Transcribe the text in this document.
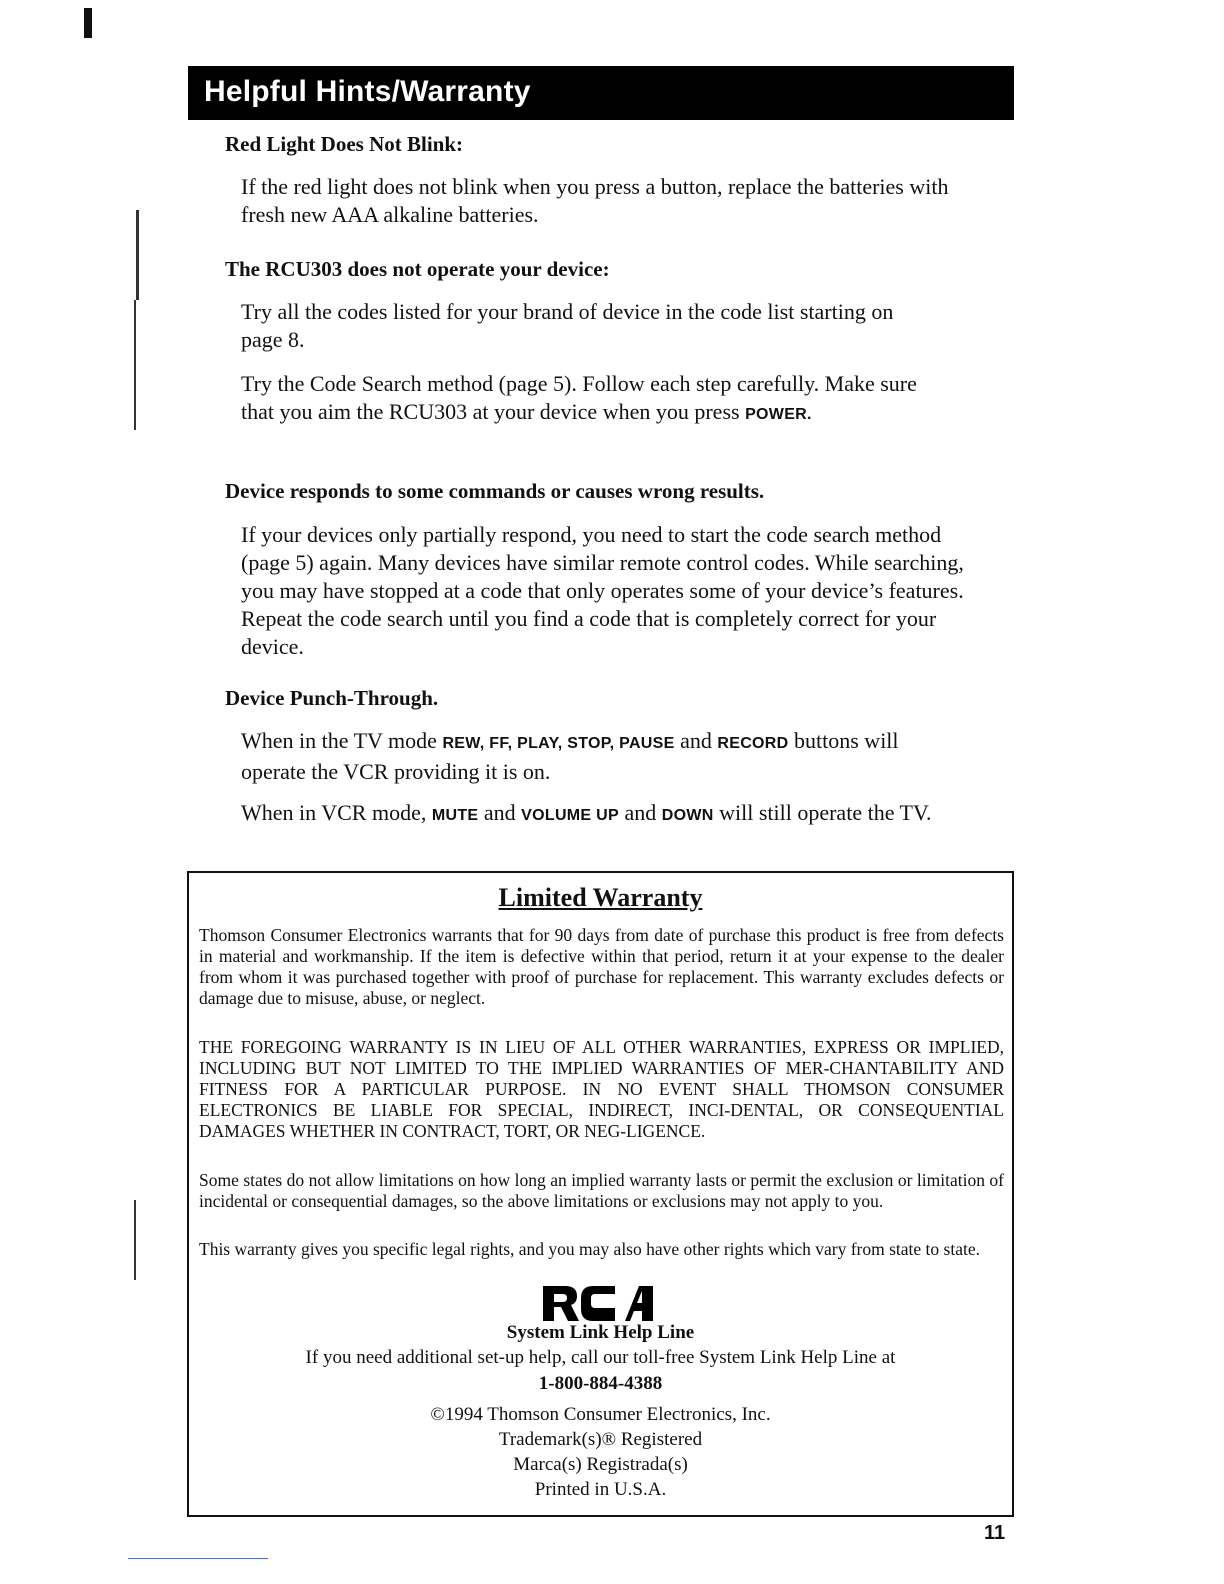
Helpful Hints/Warranty

Red Light Does Not Blink:

If the red light does not blink when you press a button, replace the batteries with fresh new AAA alkaline batteries.

The RCU303 does not operate your device:

Try all the codes listed for your brand of device in the code list starting on page 8.

Try the Code Search method (page 5). Follow each step carefully. Make sure that you aim the RCU303 at your device when you press POWER.

Device responds to some commands or causes wrong results.

If your devices only partially respond, you need to start the code search method (page 5) again. Many devices have similar remote control codes. While searching, you may have stopped at a code that only operates some of your device’s features. Repeat the code search until you find a code that is completely correct for your device.

Device Punch-Through.

When in the TV mode REW, FF, PLAY, STOP, PAUSE and RECORD buttons will operate the VCR providing it is on.

When in VCR mode, MUTE and VOLUME UP and DOWN will still operate the TV.

Limited Warranty

Thomson Consumer Electronics warrants that for 90 days from date of purchase this product is free from defects in material and workmanship. If the item is defective within that period, return it at your expense to the dealer from whom it was purchased together with proof of purchase for replacement. This warranty excludes defects or damage due to misuse, abuse, or neglect.

THE FOREGOING WARRANTY IS IN LIEU OF ALL OTHER WARRANTIES, EXPRESS OR IMPLIED, INCLUDING BUT NOT LIMITED TO THE IMPLIED WARRANTIES OF MER-CHANTABILITY AND FITNESS FOR A PARTICULAR PURPOSE. IN NO EVENT SHALL THOMSON CONSUMER ELECTRONICS BE LIABLE FOR SPECIAL, INDIRECT, INCI-DENTAL, OR CONSEQUENTIAL DAMAGES WHETHER IN CONTRACT, TORT, OR NEG-LIGENCE.

Some states do not allow limitations on how long an implied warranty lasts or permit the exclusion or limitation of incidental or consequential damages, so the above limitations or exclusions may not apply to you.

This warranty gives you specific legal rights, and you may also have other rights which vary from state to state.

System Link Help Line

If you need additional set-up help, call our toll-free System Link Help Line at

1-800-884-4388

©1994 Thomson Consumer Electronics, Inc.

Trademark(s)® Registered

Marca(s) Registrada(s)

Printed in U.S.A.

11
